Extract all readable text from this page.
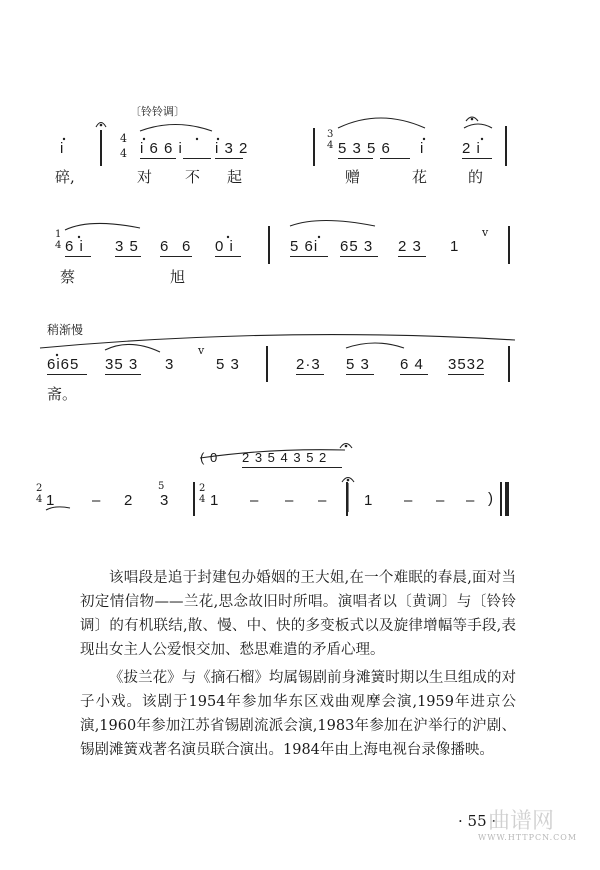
〔铃铃调〕
i
4
4 i 6 6 i i 3 2
3
4 5 3 5 6 i	2 i
碎,	对 不 起	赠	花	的
1
4 6 i 3 5 6 6 0 i	5 6i 65 3 2 3 1
v
蔡	旭
稍渐慢
6i65 35 3 3
v
5 3	2·3 5 3 6 4 3532
斋。
( 0 2 3 5 4 3 5 2
2
4 1 – 2
5
3
2
4 1 – – – 1 – – – )

该唱段是追于封建包办婚姻的王大姐,在一个难眠的春晨,面对当初定情信物——兰花,思念故旧时所唱。演唱者以〔黄调〕与〔铃铃调〕的有机联结,散、慢、中、快的多变板式以及旋律增幅等手段,表现出女主人公爱恨交加、愁思难遣的矛盾心理。

《拔兰花》与《摘石榴》均属锡剧前身滩簧时期以生旦组成的对子小戏。该剧于1954年参加华东区戏曲观摩会演,1959年进京公演,1960年参加江苏省锡剧流派会演,1983年参加在沪举行的沪剧、锡剧滩簧戏著名演员联合演出。1984年由上海电视台录像播映。

· 55 ·
曲谱网
WWW.HTTPCN.COM
